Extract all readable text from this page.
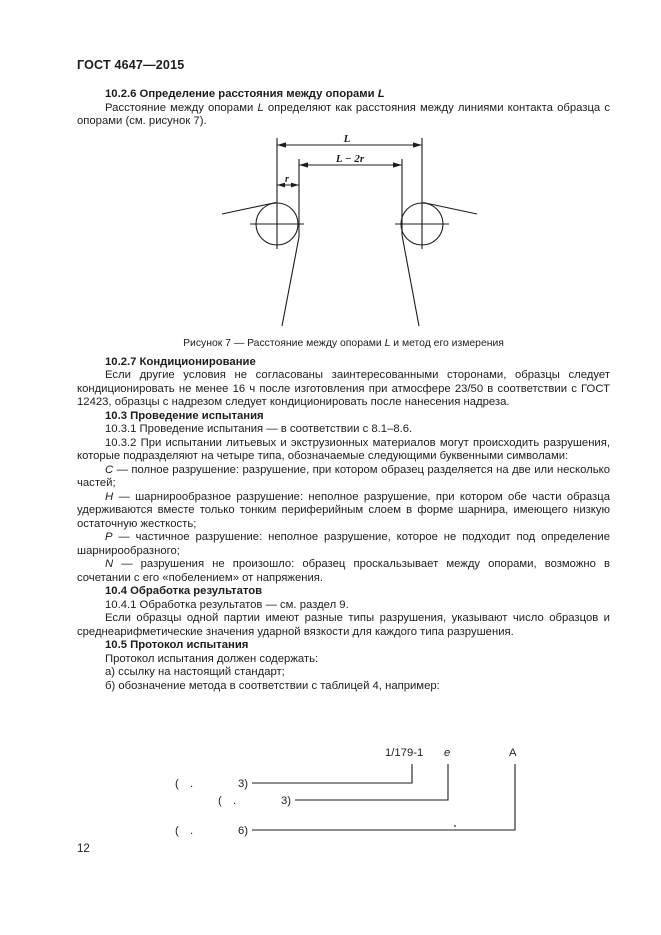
ГОСТ 4647—2015

10.2.6 Определение расстояния между опорами L

Расстояние между опорами L определяют как расстояния между линиями контакта образца с опорами (см. рисунок 7).

L
L − 2r
r
Рисунок 7 — Расстояние между опорами L и метод его измерения

10.2.7 Кондиционирование

Если другие условия не согласованы заинтересованными сторонами, образцы следует кондиционировать не менее 16 ч после изготовления при атмосфере 23/50 в соответствии с ГОСТ 12423, образцы с надрезом следует кондиционировать после нанесения надреза.

10.3 Проведение испытания

10.3.1 Проведение испытания — в соответствии с 8.1–8.6.

10.3.2 При испытании литьевых и экструзионных материалов могут происходить разрушения, которые подразделяют на четыре типа, обозначаемые следующими буквенными символами:

C — полное разрушение: разрушение, при котором образец разделяется на две или несколько частей;

H — шарнирообразное разрушение: неполное разрушение, при котором обе части образца удерживаются вместе только тонким периферийным слоем в форме шарнира, имеющего низкую остаточную жесткость;

P — частичное разрушение: неполное разрушение, которое не подходит под определение шарнирообразного;

N — разрушения не произошло: образец проскальзывает между опорами, возможно в сочетании с его «побелением» от напряжения.

10.4 Обработка результатов

10.4.1 Обработка результатов — см. раздел 9.

Если образцы одной партии имеют разные типы разрушения, указывают число образцов и среднеарифметические значения ударной вязкости для каждого типа разрушения.

10.5 Протокол испытания

Протокол испытания должен содержать:

а) ссылку на настоящий стандарт;

б) обозначение метода в соответствии с таблицей 4, например:

1/179-1 e	A
( .	3)
( .	3)
( .	6)
12
